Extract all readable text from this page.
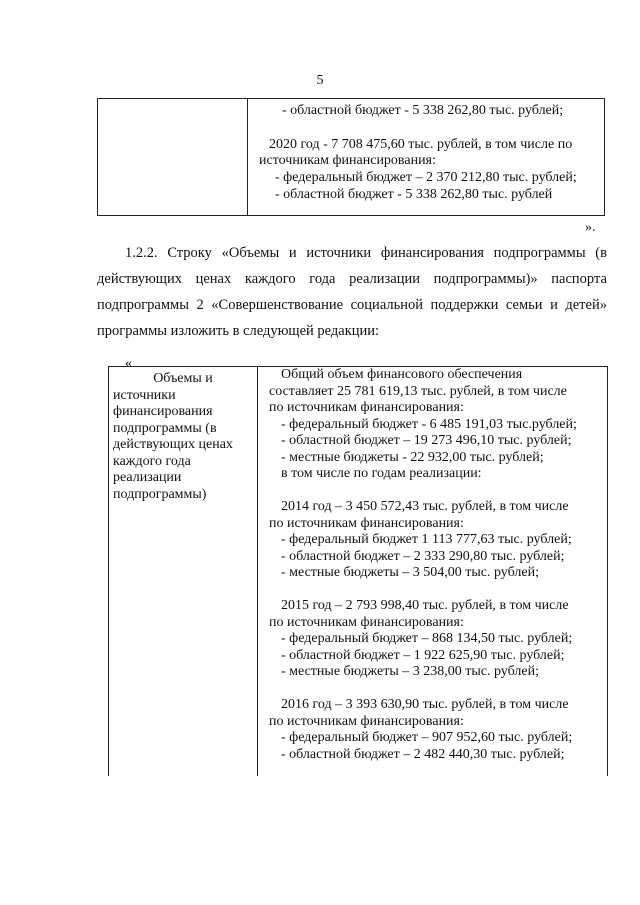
5
- областной бюджет - 5 338 262,80 тыс. рублей;
2020 год - 7 708 475,60 тыс. рублей, в том числе по
источникам финансирования:
- федеральный бюджет – 2 370 212,80 тыс. рублей;
- областной бюджет - 5 338 262,80 тыс. рублей
».
1.2.2. Строку «Объемы и источники финансирования подпрограммы (в
действующих ценах каждого года реализации подпрограммы)» паспорта
подпрограммы 2 «Совершенствование социальной поддержки семьи и детей»

программы изложить в следующей редакции:

«
Объемы и
источники
финансирования
подпрограммы (в
действующих ценах
каждого года
реализации
подпрограммы)
Общий объем финансового обеспечения
составляет 25 781 619,13 тыс. рублей, в том числе
по источникам финансирования:
- федеральный бюджет - 6 485 191,03 тыс.рублей;
- областной бюджет – 19 273 496,10 тыс. рублей;
- местные бюджеты - 22 932,00 тыс. рублей;
в том числе по годам реализации:
2014 год – 3 450 572,43 тыс. рублей, в том числе
по источникам финансирования:
- федеральный бюджет 1 113 777,63 тыс. рублей;
- областной бюджет – 2 333 290,80 тыс. рублей;
- местные бюджеты – 3 504,00 тыс. рублей;
2015 год – 2 793 998,40 тыс. рублей, в том числе
по источникам финансирования:
- федеральный бюджет – 868 134,50 тыс. рублей;
- областной бюджет – 1 922 625,90 тыс. рублей;
- местные бюджеты – 3 238,00 тыс. рублей;
2016 год – 3 393 630,90 тыс. рублей, в том числе
по источникам финансирования:
- федеральный бюджет – 907 952,60 тыс. рублей;
- областной бюджет – 2 482 440,30 тыс. рублей;
